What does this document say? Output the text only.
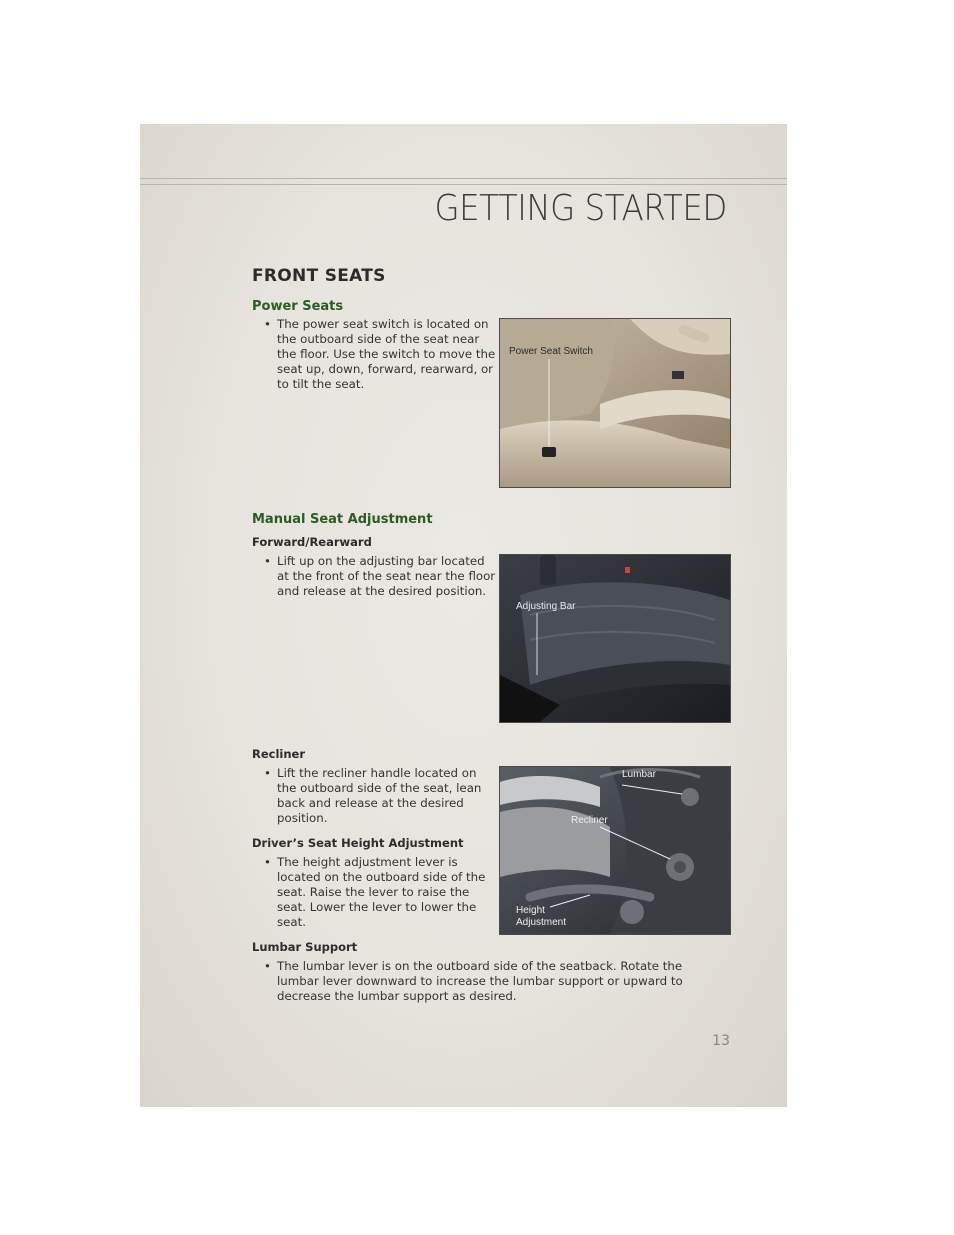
GETTING STARTED
FRONT SEATS
Power Seats
• The power seat switch is located on the outboard side of the seat near the floor. Use the switch to move the seat up, down, forward, rearward, or to tilt the seat.
Power Seat Switch
Manual Seat Adjustment
Forward/Rearward
• Lift up on the adjusting bar located at the front of the seat near the floor and release at the desired position.
Adjusting Bar
Recliner
• Lift the recliner handle located on the outboard side of the seat, lean back and release at the desired position.
Driver’s Seat Height Adjustment
• The height adjustment lever is located on the outboard side of the seat. Raise the lever to raise the seat. Lower the lever to lower the seat.
Lumbar
Recliner
Height
Adjustment
Lumbar Support
• The lumbar lever is on the outboard side of the seatback. Rotate the lumbar lever downward to increase the lumbar support or upward to decrease the lumbar support as desired.
13
